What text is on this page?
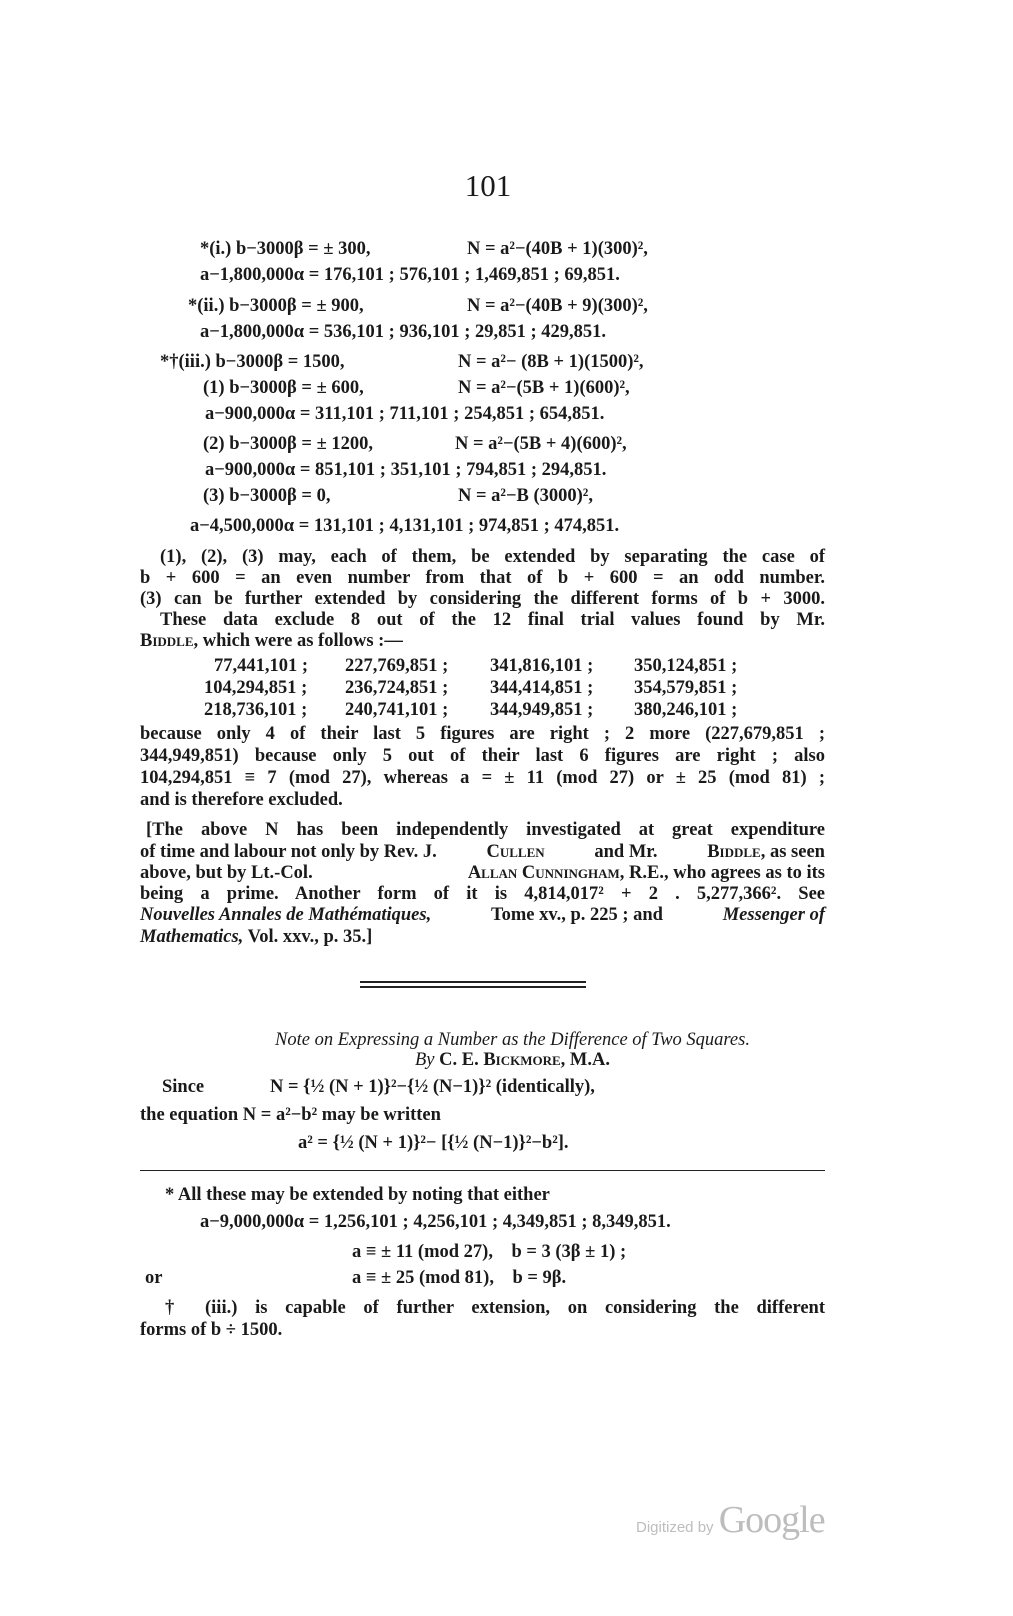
101
*(i.) b−3000β = ± 300,	N = a²−(40B + 1)(300)²,
a−1,800,000α = 176,101 ; 576,101 ; 1,469,851 ; 69,851.
*(ii.) b−3000β = ± 900,	N = a²−(40B + 9)(300)²,
a−1,800,000α = 536,101 ; 936,101 ; 29,851 ; 429,851.
*†(iii.) b−3000β = 1500,	N = a²− (8B + 1)(1500)²,
(1) b−3000β = ± 600,	N = a²−(5B + 1)(600)²,
a−900,000α = 311,101 ; 711,101 ; 254,851 ; 654,851.
(2) b−3000β = ± 1200,	N = a²−(5B + 4)(600)²,
a−900,000α = 851,101 ; 351,101 ; 794,851 ; 294,851.
(3) b−3000β = 0,	N = a²−B (3000)²,
a−4,500,000α = 131,101 ; 4,131,101 ; 974,851 ; 474,851.
(1), (2), (3) may, each of them, be extended by separating the case of
b + 600 = an even number from that of b + 600 = an odd number.
(3) can be further extended by considering the different forms of b + 3000.
These data exclude 8 out of the 12 final trial values found by Mr.
Biddle, which were as follows :—
77,441,101 ; 227,769,851 ; 341,816,101 ; 350,124,851 ;
104,294,851 ; 236,724,851 ; 344,414,851 ; 354,579,851 ;
218,736,101 ; 240,741,101 ; 344,949,851 ; 380,246,101 ;
because only 4 of their last 5 figures are right ; 2 more (227,679,851 ;
344,949,851) because only 5 out of their last 6 figures are right ; also
104,294,851 ≡ 7 (mod 27), whereas a = ± 11 (mod 27) or ± 25 (mod 81) ;
and is therefore excluded.
[The above N has been independently investigated at great expenditure
of time and labour not only by Rev. J.	Cullen	and Mr.	Biddle, as seen
above, but by Lt.-Col.	Allan Cunningham, R.E., who agrees as to its
being a prime. Another form of it is 4,814,017² + 2 . 5,277,366². See
Nouvelles Annales de Mathématiques,	Tome xv., p. 225 ; and	Messenger of
Mathematics, Vol. xxv., p. 35.]
Note on Expressing a Number as the Difference of Two Squares.
By C. E. Bickmore, M.A.
Since	N = {½ (N + 1)}²−{½ (N−1)}² (identically),
the equation N = a²−b² may be written
a² = {½ (N + 1)}²− [{½ (N−1)}²−b²].
* All these may be extended by noting that either
a−9,000,000α = 1,256,101 ; 4,256,101 ; 4,349,851 ; 8,349,851.
a ≡ ± 11 (mod 27),    b = 3 (3β ± 1) ;
or	a ≡ ± 25 (mod 81),    b = 9β.
† (iii.) is capable of further extension, on considering the different
forms of b ÷ 1500.
Digitized by Google
